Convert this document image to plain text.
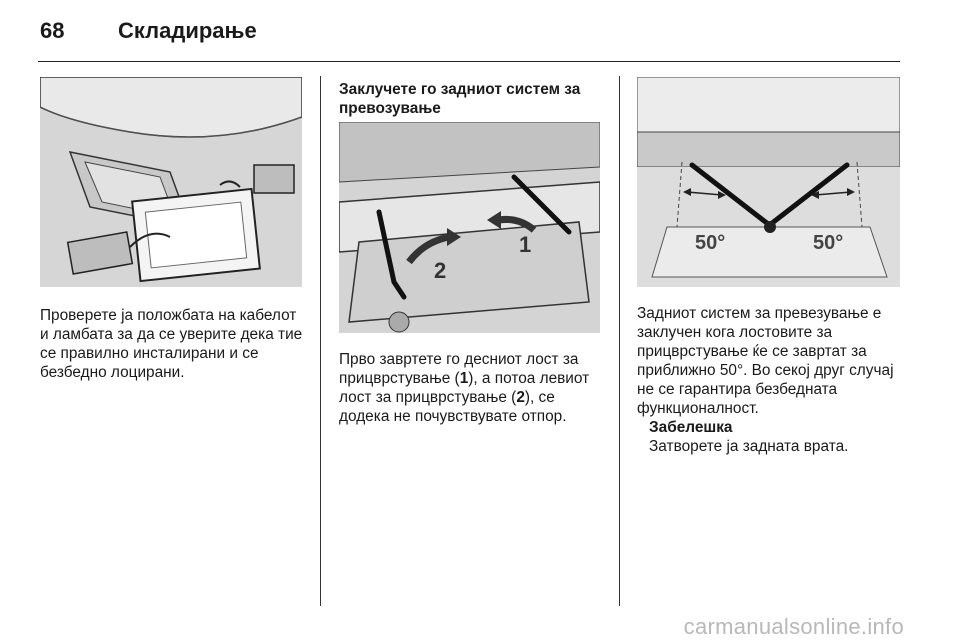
68 Складирање

Проверете ја положбата на кабелот и ламбата за да се уверите дека тие се правилно инсталирани и се безбедно лоцирани.

Заклучете го задниот систем за превозување
2
1

Прво завртете го десниот лост за прицврстување (1), а потоа левиот лост за прицврстување (2), се додека не почувствувате отпор.

50°	50°

Задниот систем за превезување е заклучен кога лостовите за прицврстување ќе се завртат за приближно 50°. Во секој друг случај не се гарантира безбедната функционалност.

Забелешка
Затворете ја задната врата.
carmanualsonline.info
